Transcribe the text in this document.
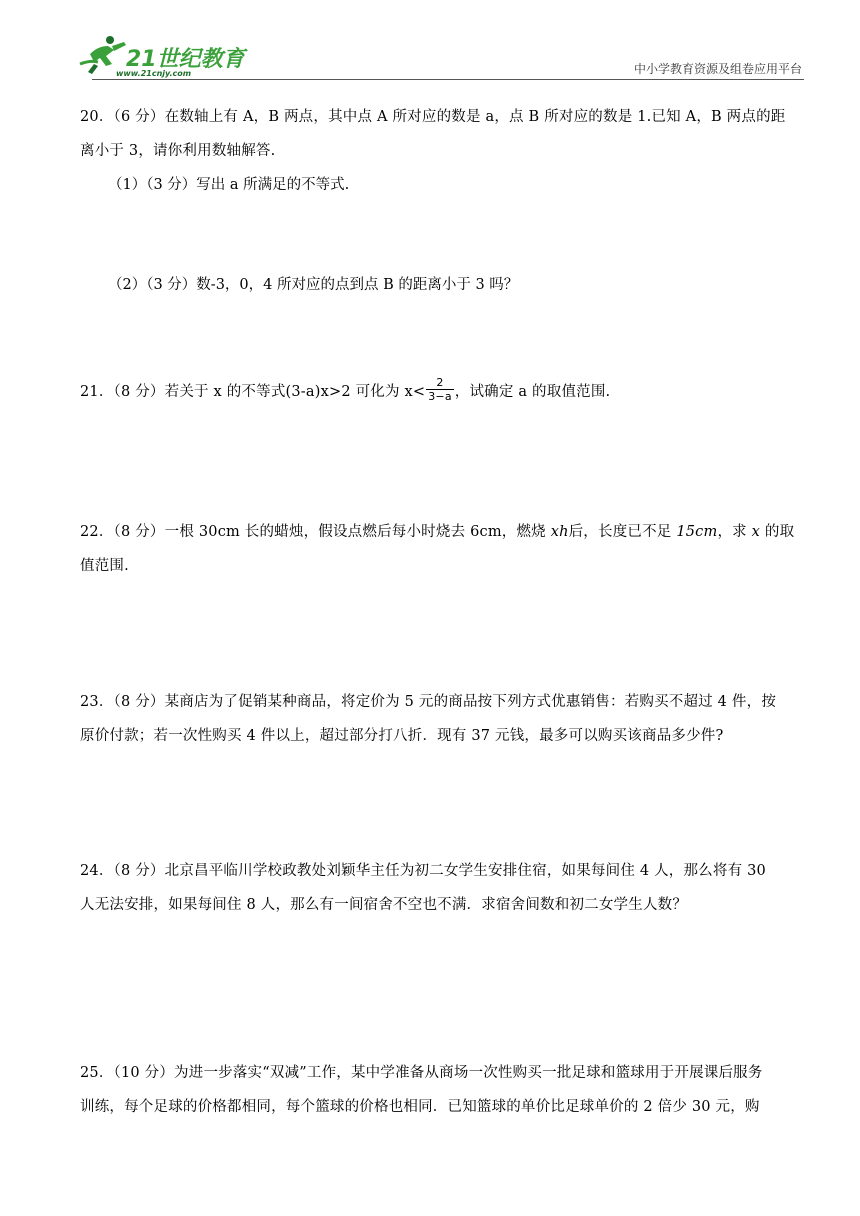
21世纪教育
www.21cnjy.com	中小学教育资源及组卷应用平台
20．（6 分）在数轴上有 A，B 两点，其中点 A 所对应的数是 a，点 B 所对应的数是 1.已知 A，B 两点的距
离小于 3，请你利用数轴解答.
（1）（3 分）写出 a 所满足的不等式.
（2）（3 分）数-3，0，4 所对应的点到点 B 的距离小于 3 吗？
21．（8 分）若关于 x 的不等式(3-a)x>2 可化为 $x< \frac{2}{3-a}$ ，试确定 a 的取值范围.
22．（8 分）一根 30cm 长的蜡烛，假设点燃后每小时烧去 6cm，燃烧 xh后，长度已不足 15cm，求 x 的取
值范围.
23．（8 分）某商店为了促销某种商品，将定价为 5 元的商品按下列方式优惠销售：若购买不超过 4 件，按
原价付款；若一次性购买 4 件以上，超过部分打八折．现有 37 元钱，最多可以购买该商品多少件?
24．（8 分）北京昌平临川学校政教处刘颖华主任为初二女学生安排住宿，如果每间住 4 人，那么将有 30
人无法安排，如果每间住 8 人，那么有一间宿舍不空也不满．求宿舍间数和初二女学生人数？
25．（10 分）为进一步落实“双减”工作，某中学准备从商场一次性购买一批足球和篮球用于开展课后服务
训练，每个足球的价格都相同，每个篮球的价格也相同．已知篮球的单价比足球单价的 2 倍少 30 元，购
